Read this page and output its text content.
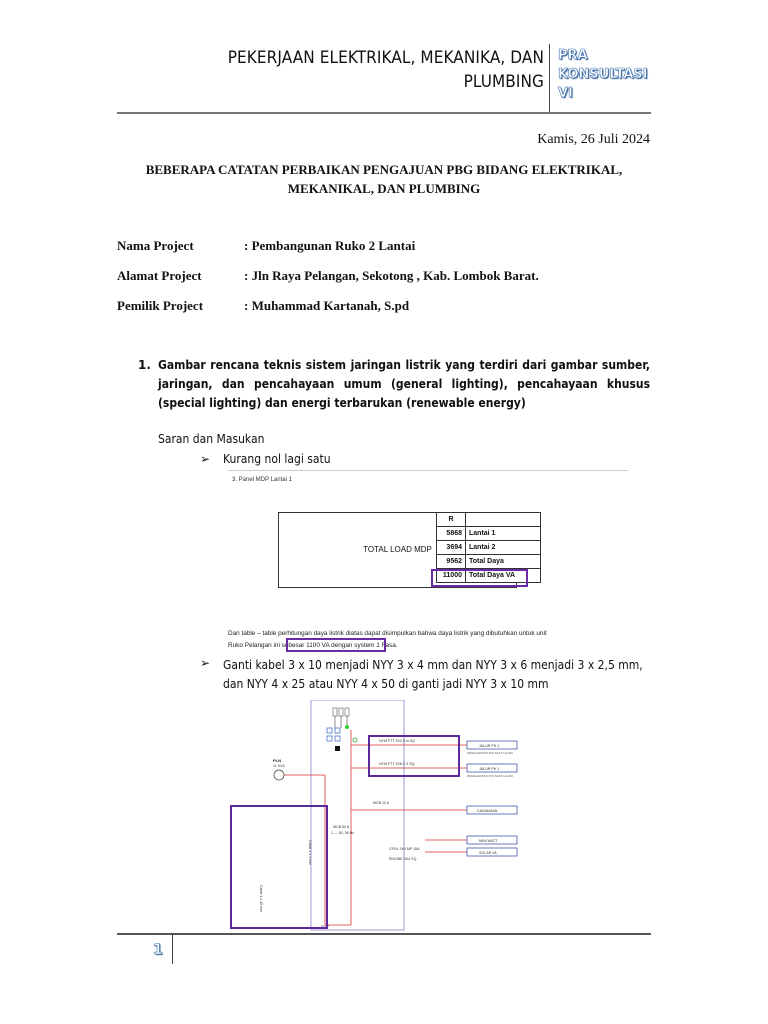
PEKERJAAN ELEKTRIKAL, MEKANIKA, DAN
PLUMBING
PRA
KONSULTASI
VI
Kamis, 26 Juli 2024
BEBERAPA CATATAN PERBAIKAN PENGAJUAN PBG BIDANG ELEKTRIKAL,
MEKANIKAL, DAN PLUMBING
Nama Project	: Pembangunan Ruko 2 Lantai
Alamat Project	: Jln Raya Pelangan, Sekotong , Kab. Lombok Barat.
Pemilik Project	: Muhammad Kartanah, S.pd
1. Gambar rencana teknis sistem jaringan listrik yang terdiri dari gambar sumber, jaringan, dan pencahayaan umum (general lighting), pencahayaan khusus (special lighting) dan energi terbarukan (renewable energy)
Saran dan Masukan
➢ Kurang nol lagi satu
3. Panel MDP Lantai 1
TOTAL LOAD MDP
R	
5868	Lantai 1
3694	Lantai 2
9562	Total Daya
11000	Total Daya VA
Dari table – table perhitungan daya listrik diatas dapat disimpulkan bahwa daya listrik yang dibutuhkan untuk unit
Ruko Pelangan ini sebesar 1100 VA dengan system 1 Fasa.
➢ Ganti kabel 3 x 10 menjadi NYY 3 x 4 mm dan NYY 3 x 6 menjadi 3 x 2,5 mm, dan NYY 4 x 25 atau NYY 4 x 50 di ganti jadi NYY 3 x 10 mm
NYM FTT 3X2,5 m SQ
NYM FTT 3X6 X 3 SQ
CPUL 3X4 MP 10A
ENGINE 3X4 SQ
MCB 10 A
JALUR PH 1
PENGHANTAR 3X6 SAAT LAUNC
JALUR PH 1
PENGHANTAR 3X6 SAAT LAUNC
CADANGAN
MINI WATT
SOLAR VA
PLN
11 KVA
MCB 50 A
1 — 50, 36 Hz
Cable 1 x 4 mm
Cable 1 x 10 mm
1
